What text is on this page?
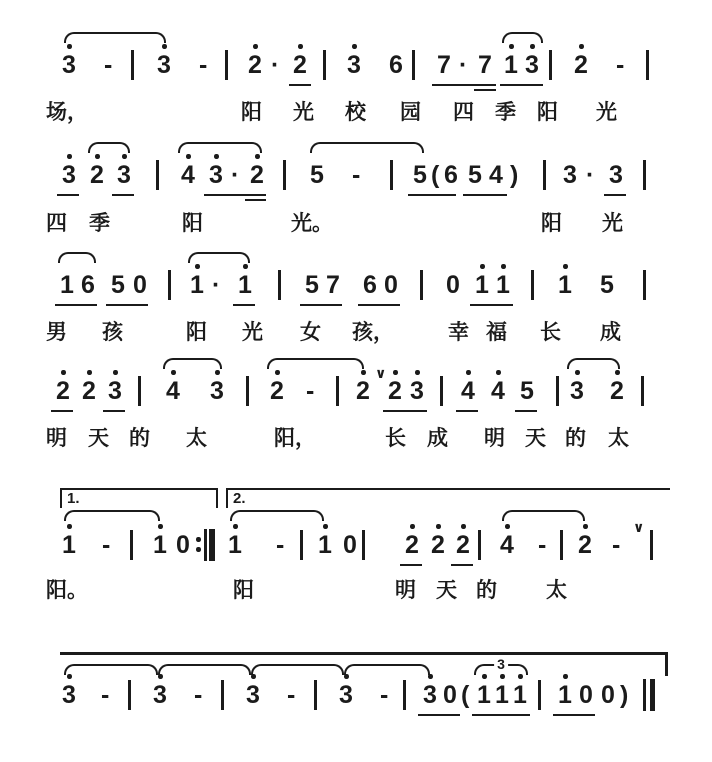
3 - 3 - 2 · 2 3 6 7 · 7 1 3 2 -
场，	阳 光 校 园 四 季 阳 光
3 2 3 4 3 · 2 5 - 5 ( 6 5 4 ) 3 · 3
四 季	阳	光。	阳 光
1 6 5 0 1 · 1 5 7 6 0 0 1 1 1 5
男 孩	阳 光 女 孩，	幸 福 长 成
2 2 3 4 3 2 - 2
∨
2 3 4 4 5 3 2
明 天 的 太	阳，	长 成 明 天 的 太
1.	2.
1 - 1 0 1 - 1 0 2 2 2 4 - 2 -
∨
阳。	阳	明 天 的 太
3
3 - 3 - 3 - 3 - 3 0 ( 1 1 1 1 0 0 )
